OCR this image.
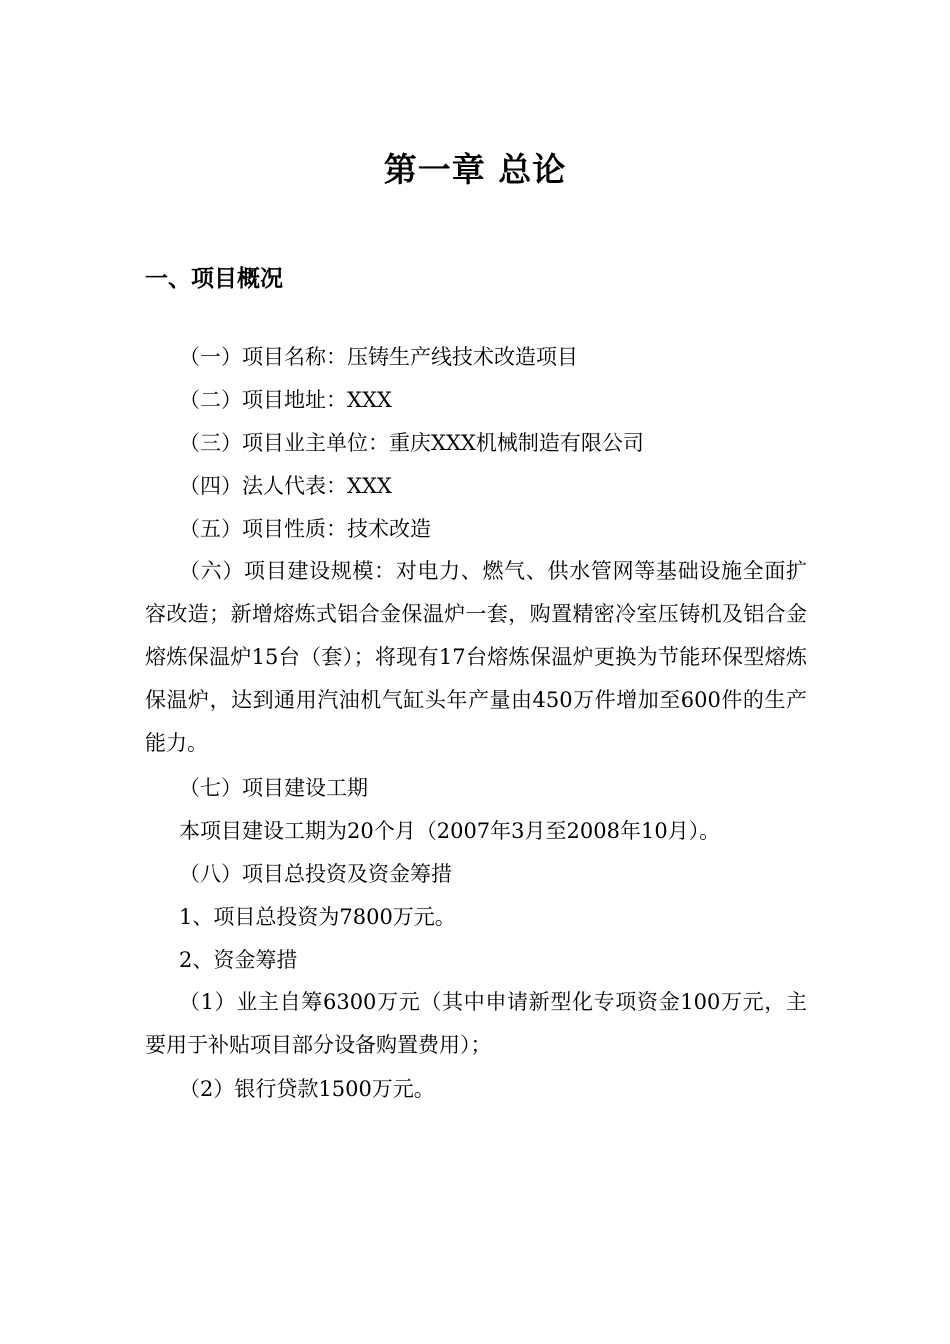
第一章 总论
一、项目概况
（一）项目名称：压铸生产线技术改造项目
（二）项目地址：XXX
（三）项目业主单位：重庆XXX机械制造有限公司
（四）法人代表：XXX
（五）项目性质：技术改造
（六）项目建设规模：对电力、燃气、供水管网等基础设施全面扩容改造；新增熔炼式铝合金保温炉一套，购置精密冷室压铸机及铝合金熔炼保温炉15台（套）；将现有17台熔炼保温炉更换为节能环保型熔炼保温炉，达到通用汽油机气缸头年产量由450万件增加至600件的生产能力。
（七）项目建设工期
本项目建设工期为20个月（2007年3月至2008年10月）。
（八）项目总投资及资金筹措
1、项目总投资为7800万元。
2、资金筹措
（1）业主自筹6300万元（其中申请新型化专项资金100万元，主要用于补贴项目部分设备购置费用）；
（2）银行贷款1500万元。
